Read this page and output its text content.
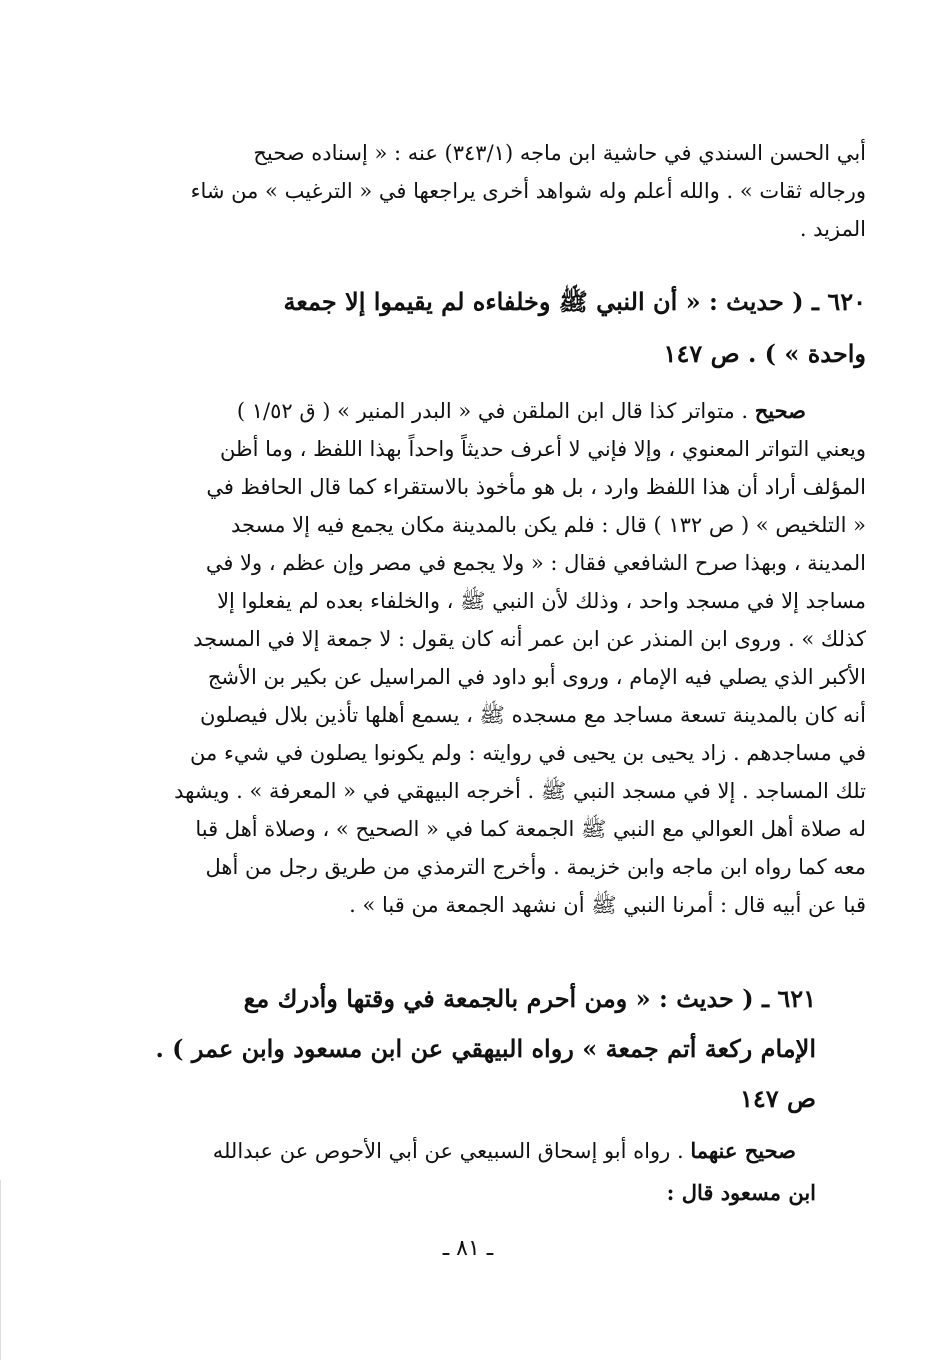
أبي الحسن السندي في حاشية ابن ماجه (٣٤٣/١) عنه : « إسناده صحيح
ورجاله ثقات » . والله أعلم وله شواهد أخرى يراجعها في « الترغيب » من شاء
المزيد .
٦٢٠ ـ ( حديث : « أن النبي ﷺ وخلفاءه لم يقيموا إلا جمعة
واحدة » ) . ص ١٤٧
صحيح . متواتر كذا قال ابن الملقن في « البدر المنير » ( ق ١/٥٢ )
ويعني التواتر المعنوي ، وإلا فإني لا أعرف حديثاً واحداً بهذا اللفظ ، وما أظن
المؤلف أراد أن هذا اللفظ وارد ، بل هو مأخوذ بالاستقراء كما قال الحافظ في
« التلخيص » ( ص ١٣٢ ) قال : فلم يكن بالمدينة مكان يجمع فيه إلا مسجد
المدينة ، وبهذا صرح الشافعي فقال : « ولا يجمع في مصر وإن عظم ، ولا في
مساجد إلا في مسجد واحد ، وذلك لأن النبي ﷺ ، والخلفاء بعده لم يفعلوا إلا
كذلك » . وروى ابن المنذر عن ابن عمر أنه كان يقول : لا جمعة إلا في المسجد
الأكبر الذي يصلي فيه الإمام ، وروى أبو داود في المراسيل عن بكير بن الأشج
أنه كان بالمدينة تسعة مساجد مع مسجده ﷺ ، يسمع أهلها تأذين بلال فيصلون
في مساجدهم . زاد يحيى بن يحيى في روايته : ولم يكونوا يصلون في شيء من
تلك المساجد . إلا في مسجد النبي ﷺ . أخرجه البيهقي في « المعرفة » . ويشهد
له صلاة أهل العوالي مع النبي ﷺ الجمعة كما في « الصحيح » ، وصلاة أهل قبا
معه كما رواه ابن ماجه وابن خزيمة . وأخرج الترمذي من طريق رجل من أهل
قبا عن أبيه قال : أمرنا النبي ﷺ أن نشهد الجمعة من قبا » .
٦٢١ ـ ( حديث : « ومن أحرم بالجمعة في وقتها وأدرك مع
الإمام ركعة أتم جمعة » رواه البيهقي عن ابن مسعود وابن عمر ) .
ص ١٤٧
صحيح عنهما . رواه أبو إسحاق السبيعي عن أبي الأحوص عن عبدالله
ابن مسعود قال :
ـ ٨١ ـ
